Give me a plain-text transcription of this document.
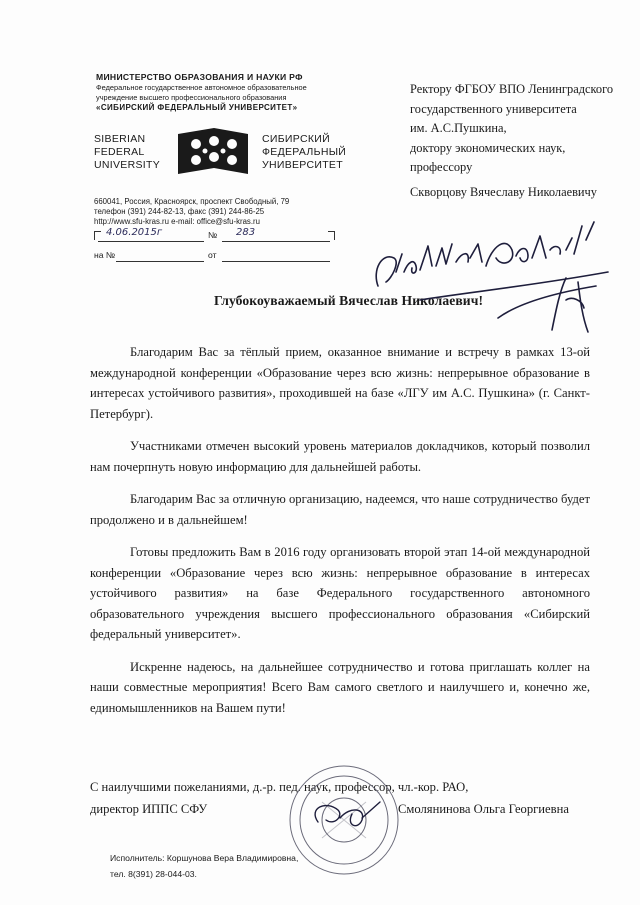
МИНИСТЕРСТВО ОБРАЗОВАНИЯ И НАУКИ РФ
Федеральное государственное автономное образовательное
учреждение высшего профессионального образования
«СИБИРСКИЙ ФЕДЕРАЛЬНЫЙ УНИВЕРСИТЕТ»
SIBERIAN
FEDERAL
UNIVERSITY
СИБИРСКИЙ
ФЕДЕРАЛЬНЫЙ
УНИВЕРСИТЕТ
660041, Россия, Красноярск, проспект Свободный, 79
телефон (391) 244-82-13, факс (391) 244-86-25
http://www.sfu-kras.ru e-mail: office@sfu-kras.ru
4.06.2015г	№ 283
на №	от
Ректору ФГБОУ ВПО Ленинградского
государственного университета
им. А.С.Пушкина,
доктору экономических наук,
профессору
Скворцову Вячеславу Николаевичу
Глубокоуважаемый Вячеслав Николаевич!

Благодарим Вас за тёплый прием, оказанное внимание и встречу в рамках 13-ой международной конференции «Образование через всю жизнь: непрерывное образование в интересах устойчивого развития», проходившей на базе «ЛГУ им А.С. Пушкина» (г. Санкт-Петербург).

Участниками отмечен высокий уровень материалов докладчиков, который позволил нам почерпнуть новую информацию для дальнейшей работы.

Благодарим Вас за отличную организацию, надеемся, что наше сотрудничество будет продолжено и в дальнейшем!

Готовы предложить Вам в 2016 году организовать второй этап 14-ой международной конференции «Образование через всю жизнь: непрерывное образование в интересах устойчивого развития» на базе Федерального государственного автономного образовательного учреждения высшего профессионального образования «Сибирский федеральный университет».

Искренне надеюсь, на дальнейшее сотрудничество и готова приглашать коллег на наши совместные мероприятия! Всего Вам самого светлого и наилучшего и, конечно же, единомышленников на Вашем пути!

С наилучшими пожеланиями, д.-р. пед. наук, профессор, чл.-кор. РАО,
директор ИППС СФУ	Смолянинова Ольга Георгиевна
Исполнитель: Коршунова Вера Владимировна,
тел. 8(391) 28-044-03.
